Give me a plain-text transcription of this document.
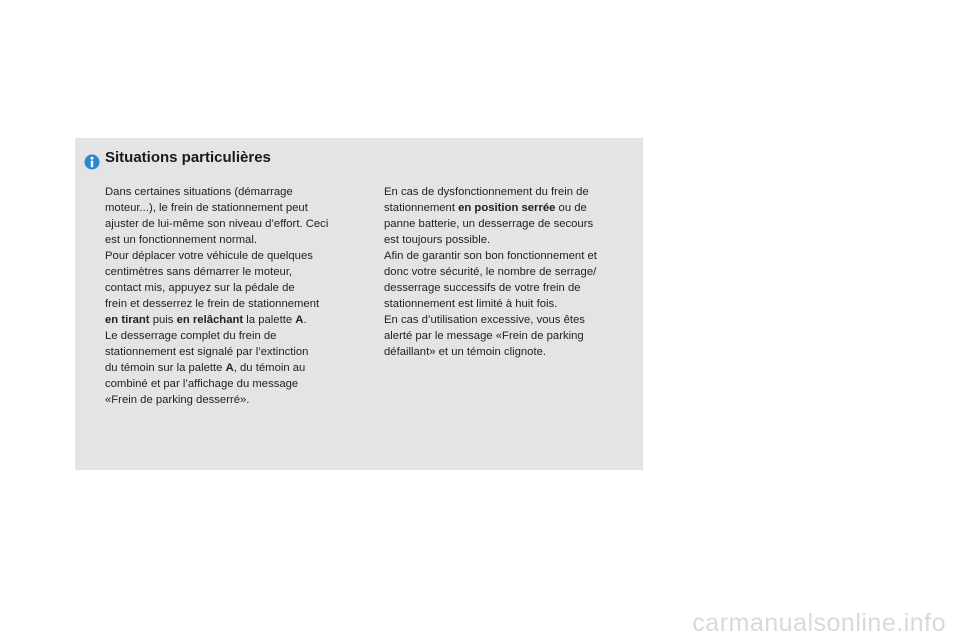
Situations particulières
Dans certaines situations (démarrage
moteur...), le frein de stationnement peut
ajuster de lui-même son niveau d’effort. Ceci
est un fonctionnement normal.
Pour déplacer votre véhicule de quelques
centimètres sans démarrer le moteur,
contact mis, appuyez sur la pédale de
frein et desserrez le frein de stationnement
en tirant puis en relâchant la palette A.
Le desserrage complet du frein de
stationnement est signalé par l’extinction
du témoin sur la palette A, du témoin au
combiné et par l’affichage du message
«Frein de parking desserré».
En cas de dysfonctionnement du frein de
stationnement en position serrée ou de
panne batterie, un desserrage de secours
est toujours possible.
Afin de garantir son bon fonctionnement et
donc votre sécurité, le nombre de serrage/
desserrage successifs de votre frein de
stationnement est limité à huit fois.
En cas d’utilisation excessive, vous êtes
alerté par le message «Frein de parking
défaillant» et un témoin clignote.
carmanualsonline.info
